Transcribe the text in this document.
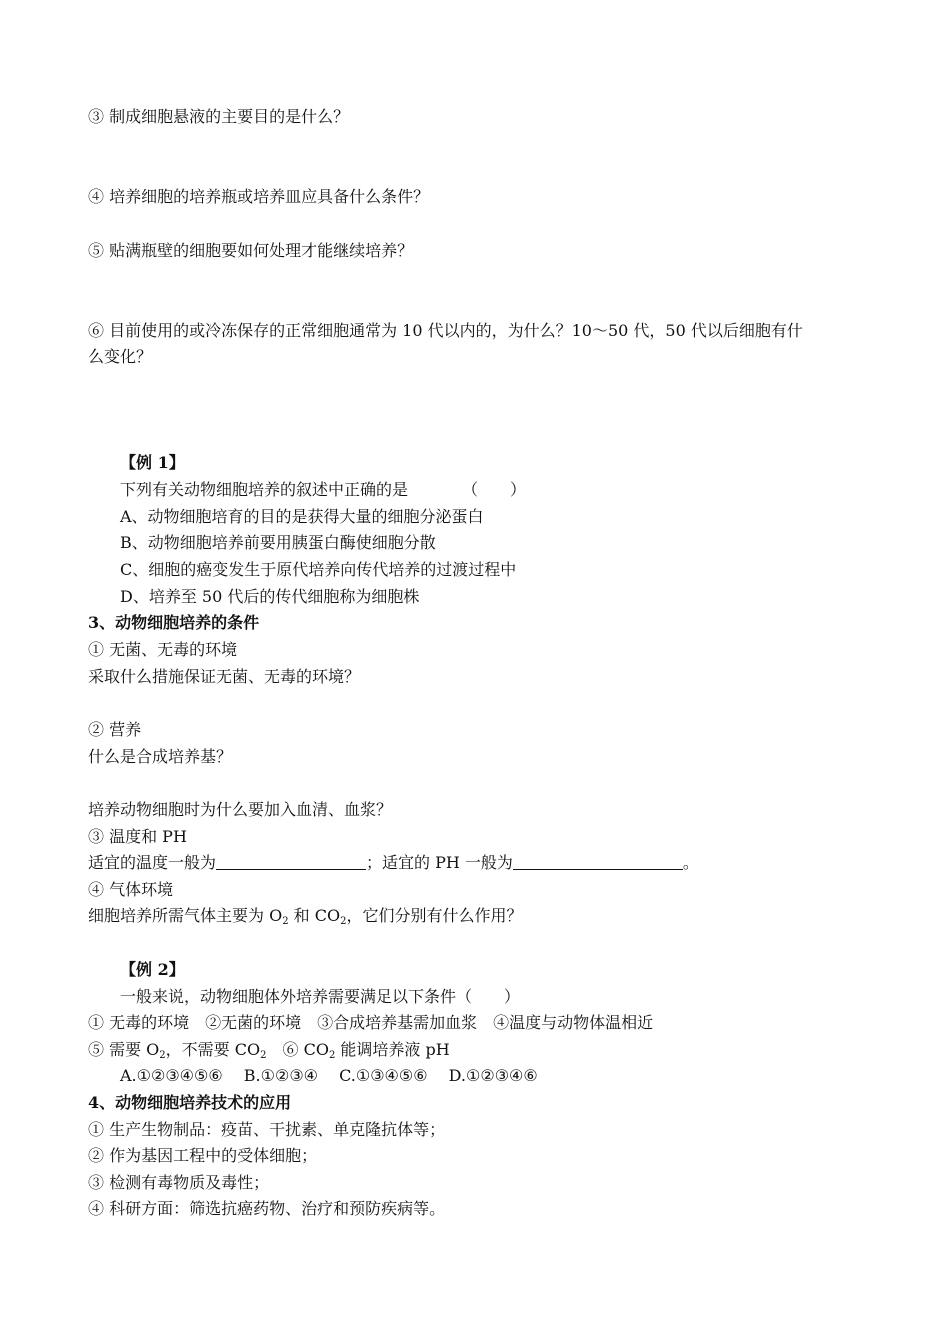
③ 制成细胞悬液的主要目的是什么？
④ 培养细胞的培养瓶或培养皿应具备什么条件？
⑤ 贴满瓶壁的细胞要如何处理才能继续培养？
⑥ 目前使用的或冷冻保存的正常细胞通常为 10 代以内的，为什么？10～50 代，50 代以后细胞有什
么变化？
【例 1】
下列有关动物细胞培养的叙述中正确的是	（　　）
A、动物细胞培育的目的是获得大量的细胞分泌蛋白
B、动物细胞培养前要用胰蛋白酶使细胞分散
C、细胞的癌变发生于原代培养向传代培养的过渡过程中
D、培养至 50 代后的传代细胞称为细胞株
3、动物细胞培养的条件
① 无菌、无毒的环境
采取什么措施保证无菌、无毒的环境？
② 营养
什么是合成培养基？
培养动物细胞时为什么要加入血清、血浆？
③ 温度和 PH
适宜的温度一般为	；适宜的 PH 一般为	。
④ 气体环境
细胞培养所需气体主要为 $O_2$ 和 $CO_2$，它们分别有什么作用？
【例 2】
一般来说，动物细胞体外培养需要满足以下条件（　　）
① 无毒的环境　②无菌的环境　③合成培养基需加血浆　④温度与动物体温相近
⑤ 需要 $O_2$，不需要 $CO_2$　⑥ $CO_2$ 能调培养液 pH
A.①②③④⑤⑥　 B.①②③④　 C.①③④⑤⑥　 D.①②③④⑥
4、动物细胞培养技术的应用
① 生产生物制品：疫苗、干扰素、单克隆抗体等；
② 作为基因工程中的受体细胞；
③ 检测有毒物质及毒性；
④ 科研方面：筛选抗癌药物、治疗和预防疾病等。
